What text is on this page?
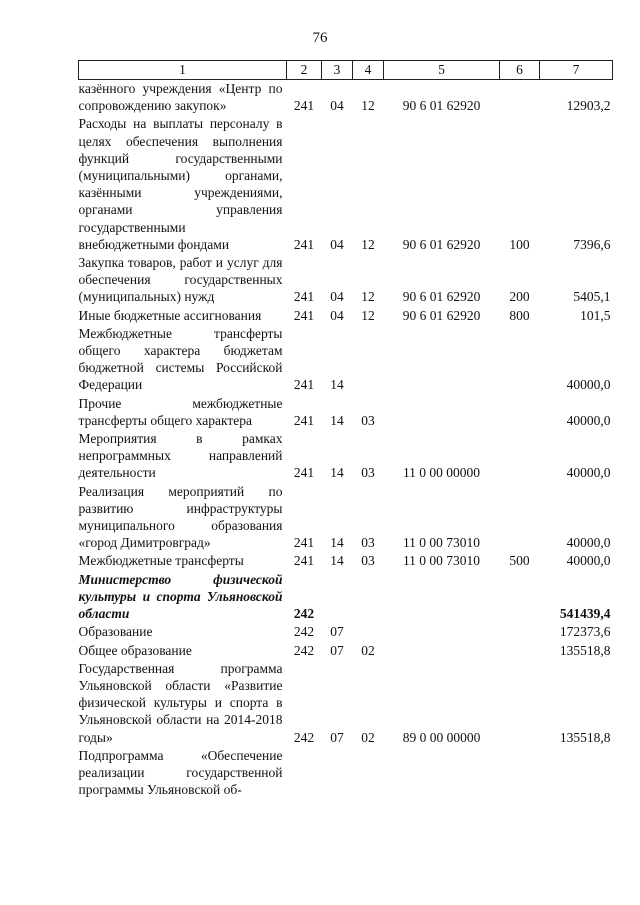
76
1	2	3	4	5	6	7
казённого учреждения «Центр по сопровождению закупок»	241	04	12	90 6 01 62920		12903,2
Расходы на выплаты персоналу в целях обеспечения выполнения функций государственными (муниципальными) органами, казёнными учреждениями, органами управления государственными внебюджетными фондами	241	04	12	90 6 01 62920	100	7396,6
Закупка товаров, работ и услуг для обеспечения государственных (муниципальных) нужд	241	04	12	90 6 01 62920	200	5405,1
Иные бюджетные ассигнования	241	04	12	90 6 01 62920	800	101,5
Межбюджетные трансферты общего характера бюджетам бюджетной системы Российской Федерации	241	14				40000,0
Прочие межбюджетные трансферты общего характера	241	14	03			40000,0
Мероприятия в рамках непрограммных направлений деятельности	241	14	03	11 0 00 00000		40000,0
Реализация мероприятий по развитию инфраструктуры муниципального образования «город Димитровград»	241	14	03	11 0 00 73010		40000,0
Межбюджетные трансферты	241	14	03	11 0 00 73010	500	40000,0
Министерство физической культуры и спорта Ульяновской области	242					541439,4
Образование	242	07				172373,6
Общее образование	242	07	02			135518,8
Государственная программа Ульяновской области «Развитие физической культуры и спорта в Ульяновской области на 2014-2018 годы»	242	07	02	89 0 00 00000		135518,8
Подпрограмма «Обеспечение реализации государственной программы Ульяновской об-						
